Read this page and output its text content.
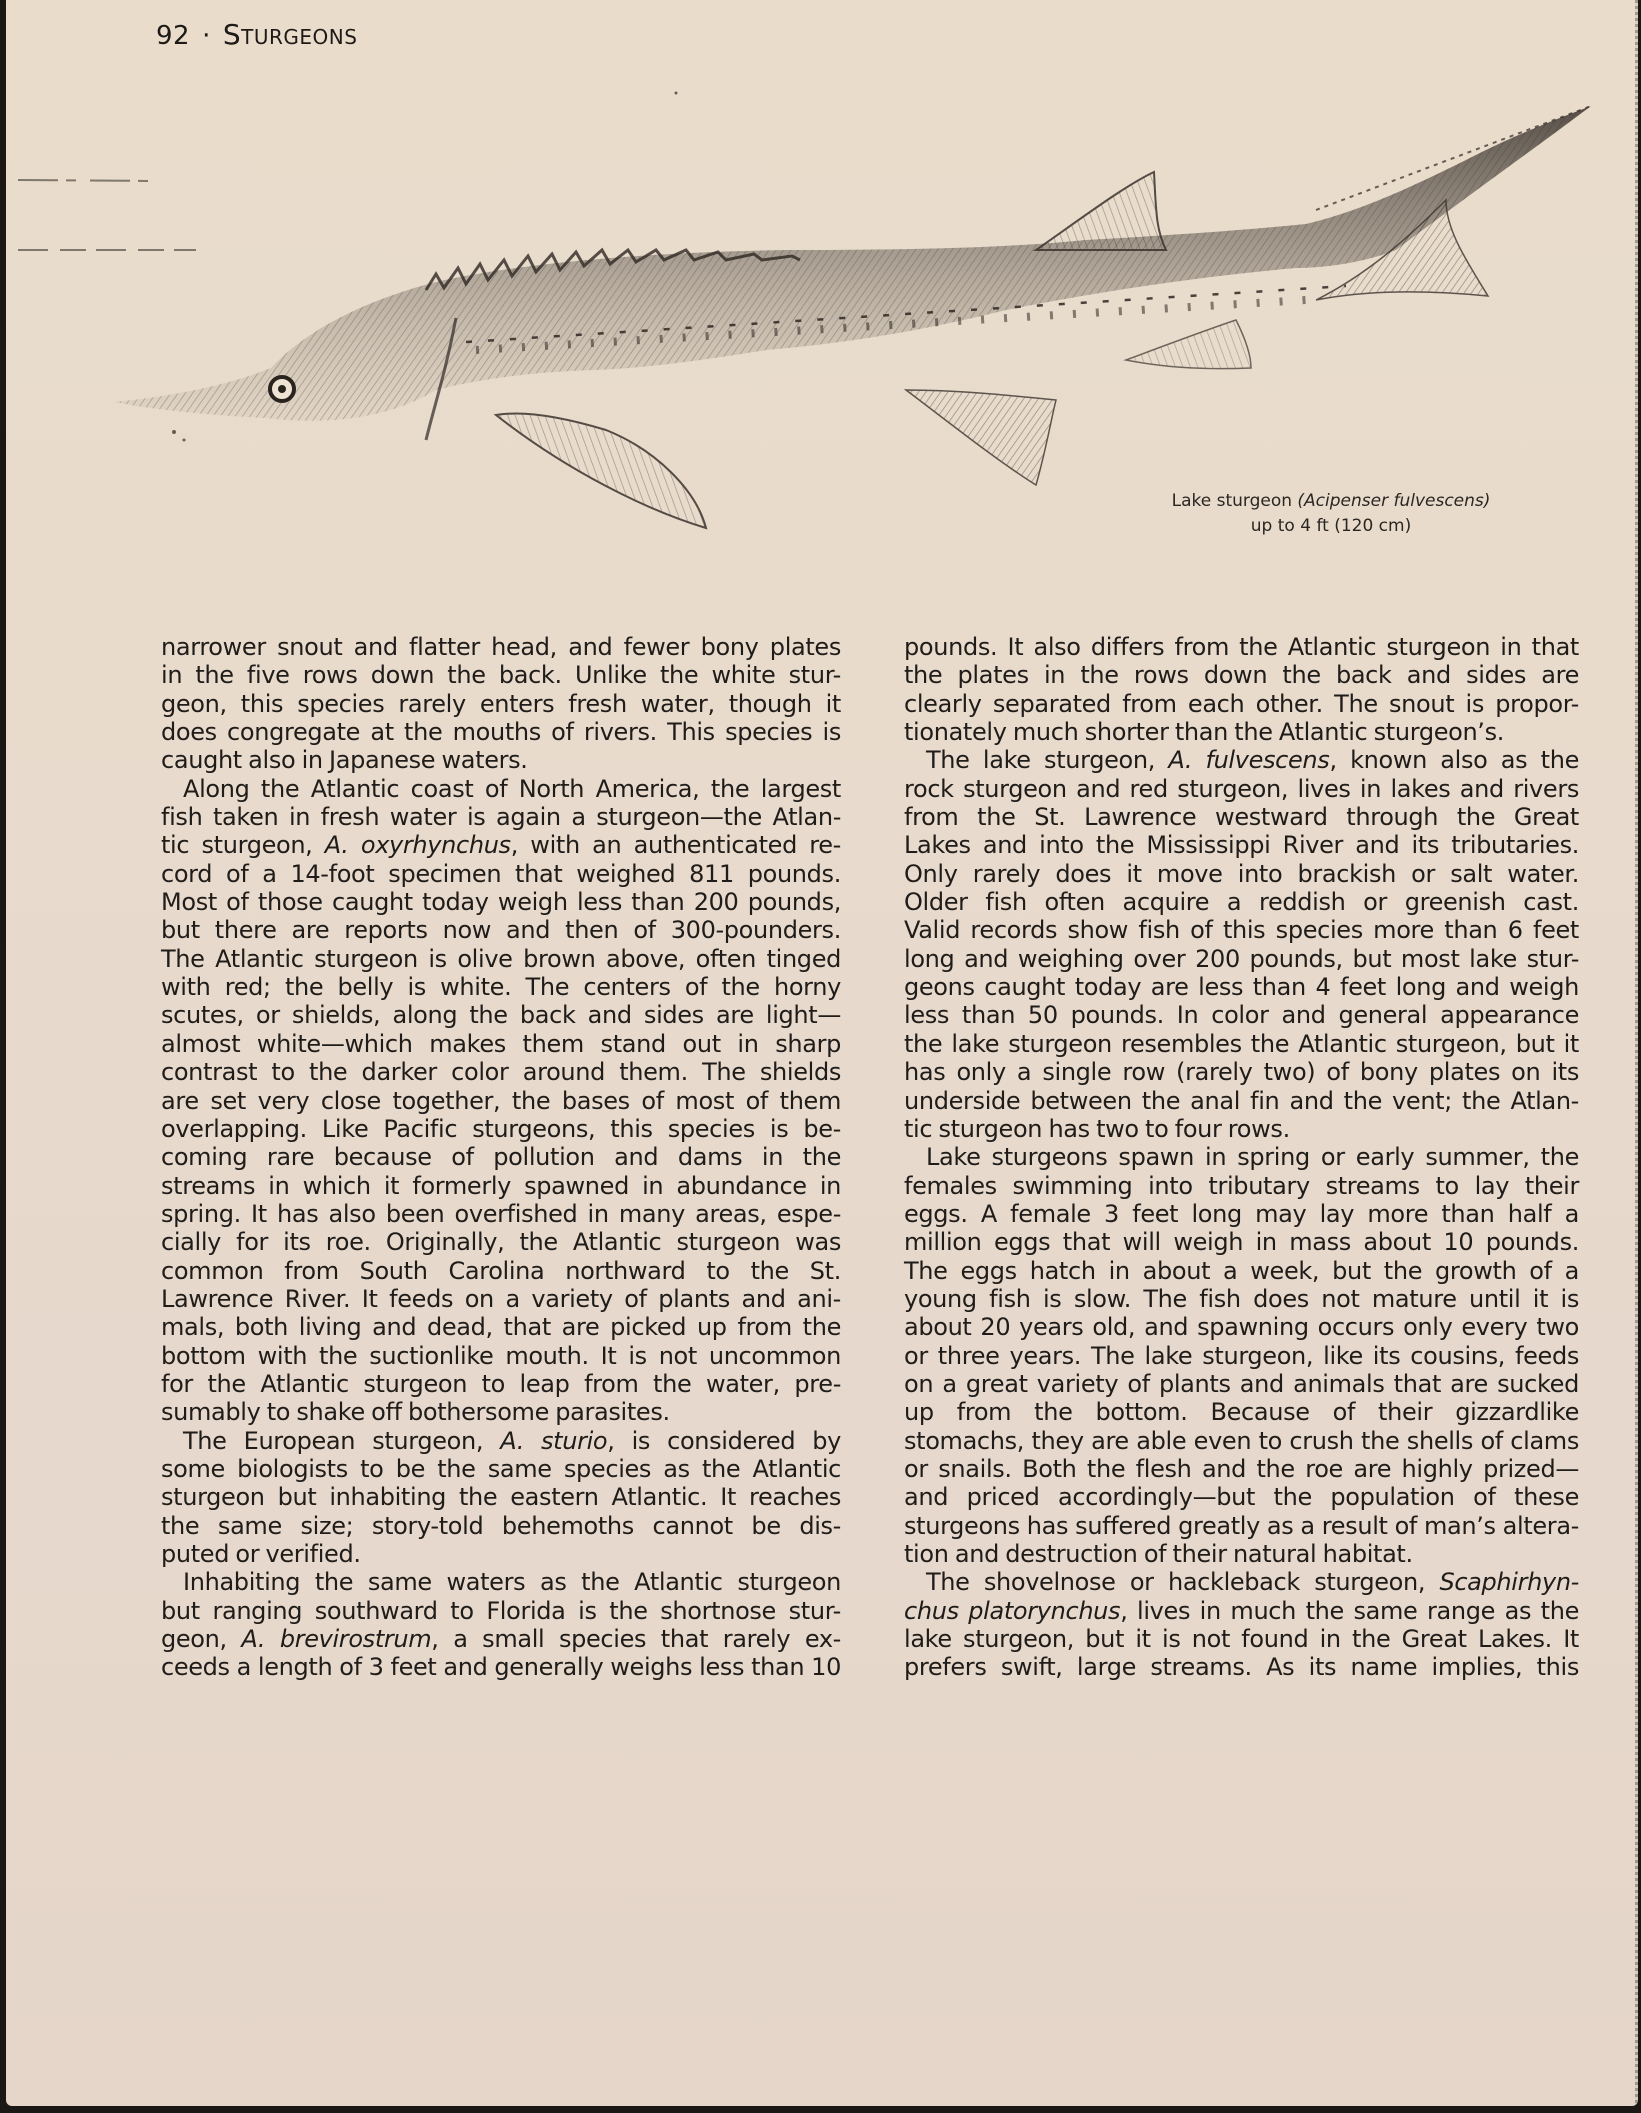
92 · Sturgeons
Lake sturgeon (Acipenser fulvescens)
up to 4 ft (120 cm)
narrower snout and flatter head, and fewer bony plates
in the five rows down the back. Unlike the white stur-
geon, this species rarely enters fresh water, though it
does congregate at the mouths of rivers. This species is
caught also in Japanese waters.
Along the Atlantic coast of North America, the largest
fish taken in fresh water is again a sturgeon—the Atlan-
tic sturgeon, A. oxyrhynchus, with an authenticated re-
cord of a 14-foot specimen that weighed 811 pounds.
Most of those caught today weigh less than 200 pounds,
but there are reports now and then of 300-pounders.
The Atlantic sturgeon is olive brown above, often tinged
with red; the belly is white. The centers of the horny
scutes, or shields, along the back and sides are light—
almost white—which makes them stand out in sharp
contrast to the darker color around them. The shields
are set very close together, the bases of most of them
overlapping. Like Pacific sturgeons, this species is be-
coming rare because of pollution and dams in the
streams in which it formerly spawned in abundance in
spring. It has also been overfished in many areas, espe-
cially for its roe. Originally, the Atlantic sturgeon was
common from South Carolina northward to the St.
Lawrence River. It feeds on a variety of plants and ani-
mals, both living and dead, that are picked up from the
bottom with the suctionlike mouth. It is not uncommon
for the Atlantic sturgeon to leap from the water, pre-
sumably to shake off bothersome parasites.
The European sturgeon, A. sturio, is considered by
some biologists to be the same species as the Atlantic
sturgeon but inhabiting the eastern Atlantic. It reaches
the same size; story-told behemoths cannot be dis-
puted or verified.
Inhabiting the same waters as the Atlantic sturgeon
but ranging southward to Florida is the shortnose stur-
geon, A. brevirostrum, a small species that rarely ex-
ceeds a length of 3 feet and generally weighs less than 10
pounds. It also differs from the Atlantic sturgeon in that
the plates in the rows down the back and sides are
clearly separated from each other. The snout is propor-
tionately much shorter than the Atlantic sturgeon’s.
The lake sturgeon, A. fulvescens, known also as the
rock sturgeon and red sturgeon, lives in lakes and rivers
from the St. Lawrence westward through the Great
Lakes and into the Mississippi River and its tributaries.
Only rarely does it move into brackish or salt water.
Older fish often acquire a reddish or greenish cast.
Valid records show fish of this species more than 6 feet
long and weighing over 200 pounds, but most lake stur-
geons caught today are less than 4 feet long and weigh
less than 50 pounds. In color and general appearance
the lake sturgeon resembles the Atlantic sturgeon, but it
has only a single row (rarely two) of bony plates on its
underside between the anal fin and the vent; the Atlan-
tic sturgeon has two to four rows.
Lake sturgeons spawn in spring or early summer, the
females swimming into tributary streams to lay their
eggs. A female 3 feet long may lay more than half a
million eggs that will weigh in mass about 10 pounds.
The eggs hatch in about a week, but the growth of a
young fish is slow. The fish does not mature until it is
about 20 years old, and spawning occurs only every two
or three years. The lake sturgeon, like its cousins, feeds
on a great variety of plants and animals that are sucked
up from the bottom. Because of their gizzardlike
stomachs, they are able even to crush the shells of clams
or snails. Both the flesh and the roe are highly prized—
and priced accordingly—but the population of these
sturgeons has suffered greatly as a result of man’s altera-
tion and destruction of their natural habitat.
The shovelnose or hackleback sturgeon, Scaphirhyn-
chus platorynchus, lives in much the same range as the
lake sturgeon, but it is not found in the Great Lakes. It
prefers swift, large streams. As its name implies, this
